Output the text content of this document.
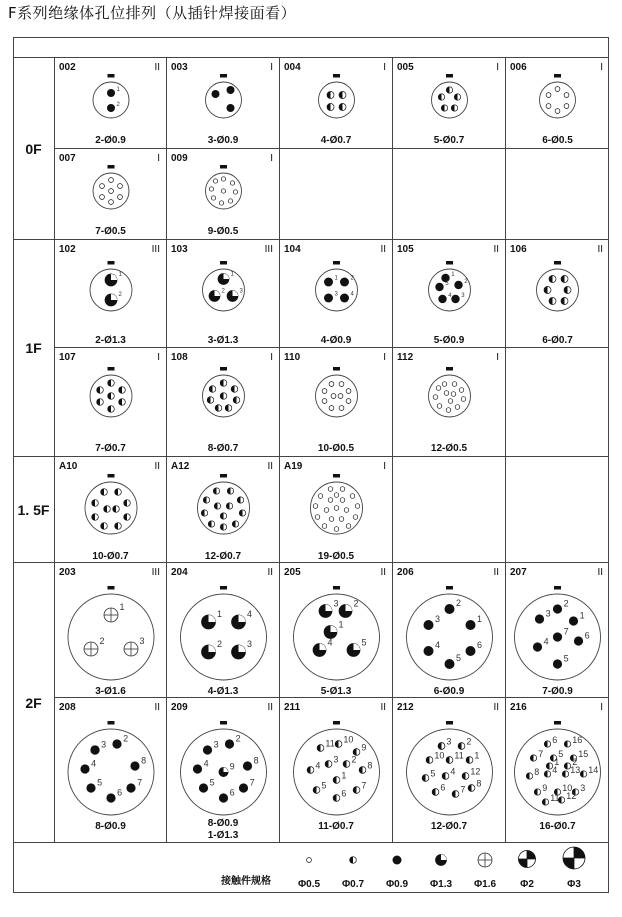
F系列绝缘体孔位排列（从插针焊接面看）
0F
002	II
1
2
2-Ø0.9
003	I
3-Ø0.9
004	I
4-Ø0.7
005	I
5-Ø0.7
006	I
6-Ø0.5
007	I
7-Ø0.5
009	I
9-Ø0.5
1F
102	III
1
2
2-Ø1.3
103	III
1
2 3
3-Ø1.3
104	II
1 2
3 4
4-Ø0.9
105	II
1
2
3
4
5
5-Ø0.9
106	II
6-Ø0.7
107	I
7-Ø0.7
108	I
8-Ø0.7
110	I
10-Ø0.5
112	I
12-Ø0.5
1. 5F
A10	II
10-Ø0.7
A12	II
12-Ø0.7
A19	I
19-Ø0.5
2F
203	III
1
2	3
3-Ø1.6
204	II
1	4
2	3
4-Ø1.3
205	II
1
2
3
4	5
5-Ø1.3
206	II
2
1
6
5
4
3
6-Ø0.9
207	II
2
3
6
5
4
7
1
7-Ø0.9
208	II
3
2
8
7
6
5
4
8-Ø0.9
209	II
3
2
8
7
6
5
4 9
8-Ø0.9
1-Ø1.3
211	II
11 10
9
8
7
6
5
4
3 2
1
11-Ø0.7
212	II
3 2
10 11 1
5 4 12
6 7
8
12-Ø0.7
216	I
6 16
7 5 15
8 4 13 14
9 10 3
1 2
12
11
16-Ø0.7
接触件规格	Φ0.5	Φ0.7	Φ0.9	Φ1.3	Φ1.6	Φ2	Φ3
